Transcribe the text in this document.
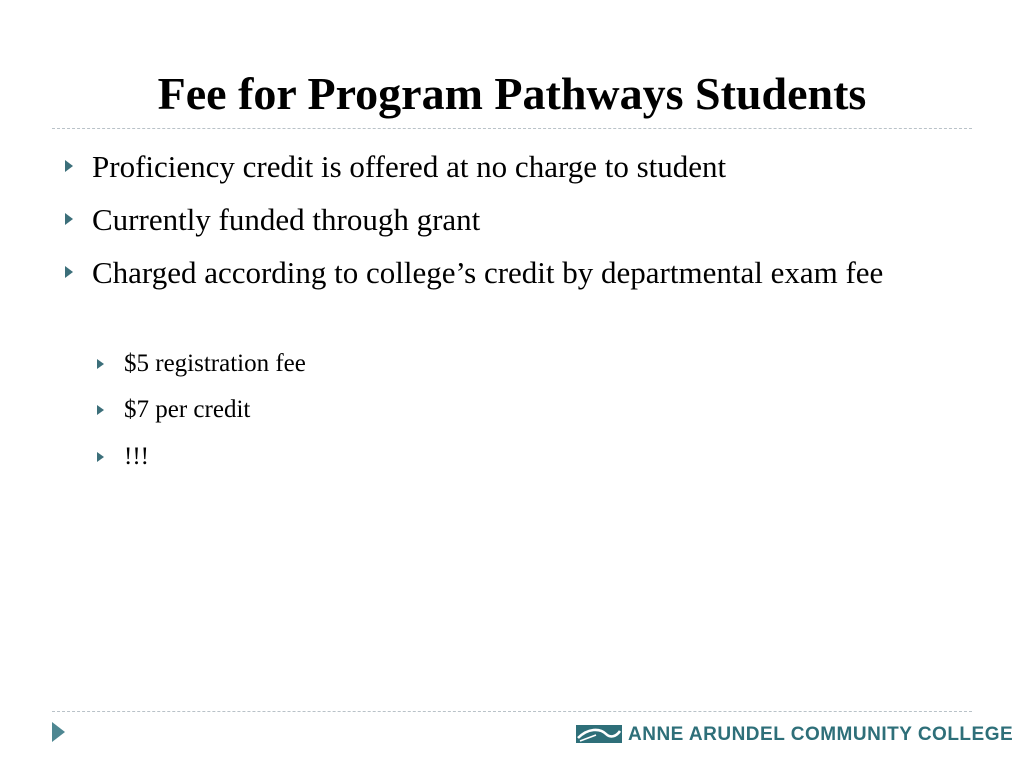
Fee for Program Pathways Students
Proficiency credit is offered at no charge to student
Currently funded through grant
Charged according to college’s credit by departmental exam fee
$5 registration fee
$7 per credit
!!!
ANNE ARUNDEL COMMUNITY COLLEGE
